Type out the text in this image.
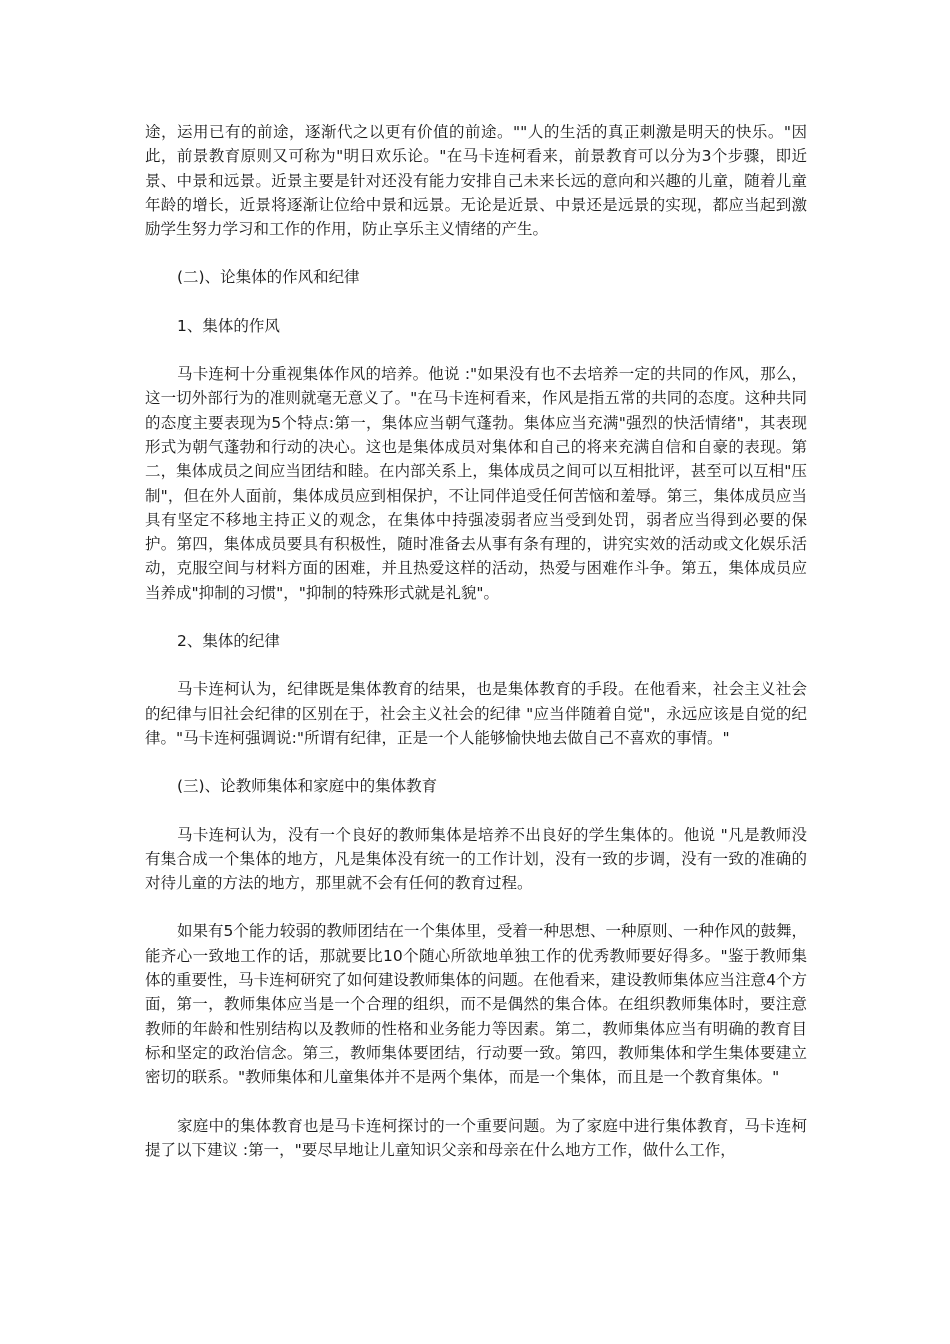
途，运用已有的前途，逐渐代之以更有价值的前途。""人的生活的真正刺激是明天的快乐。"因此，前景教育原则又可称为"明日欢乐论。"在马卡连柯看来，前景教育可以分为3个步骤，即近景、中景和远景。近景主要是针对还没有能力安排自己未来长远的意向和兴趣的儿童，随着儿童年龄的增长，近景将逐渐让位给中景和远景。无论是近景、中景还是远景的实现，都应当起到激励学生努力学习和工作的作用，防止享乐主义情绪的产生。

(二)、论集体的作风和纪律

1、集体的作风

马卡连柯十分重视集体作风的培养。他说 :"如果没有也不去培养一定的共同的作风，那么，这一切外部行为的准则就毫无意义了。"在马卡连柯看来，作风是指五常的共同的态度。这种共同的态度主要表现为5个特点:第一，集体应当朝气蓬勃。集体应当充满"强烈的快活情绪"，其表现形式为朝气蓬勃和行动的决心。这也是集体成员对集体和自己的将来充满自信和自豪的表现。第二，集体成员之间应当团结和睦。在内部关系上，集体成员之间可以互相批评，甚至可以互相"压制"，但在外人面前，集体成员应到相保护，不让同伴追受任何苦恼和羞辱。第三，集体成员应当具有坚定不移地主持正义的观念，在集体中持强凌弱者应当受到处罚，弱者应当得到必要的保护。第四，集体成员要具有积极性，随时准备去从事有条有理的，讲究实效的活动或文化娱乐活动，克服空间与材料方面的困难，并且热爱这样的活动，热爱与困难作斗争。第五，集体成员应当养成"抑制的习惯"，"抑制的特殊形式就是礼貌"。

2、集体的纪律

马卡连柯认为，纪律既是集体教育的结果，也是集体教育的手段。在他看来，社会主义社会的纪律与旧社会纪律的区别在于，社会主义社会的纪律 "应当伴随着自觉"，永远应该是自觉的纪律。"马卡连柯强调说:"所谓有纪律，正是一个人能够愉快地去做自己不喜欢的事情。"

(三)、论教师集体和家庭中的集体教育

马卡连柯认为，没有一个良好的教师集体是培养不出良好的学生集体的。他说 "凡是教师没有集合成一个集体的地方，凡是集体没有统一的工作计划，没有一致的步调，没有一致的准确的对待儿童的方法的地方，那里就不会有任何的教育过程。

如果有5个能力较弱的教师团结在一个集体里，受着一种思想、一种原则、一种作风的鼓舞，能齐心一致地工作的话，那就要比10个随心所欲地单独工作的优秀教师要好得多。"鉴于教师集体的重要性，马卡连柯研究了如何建设教师集体的问题。在他看来，建设教师集体应当注意4个方面，第一，教师集体应当是一个合理的组织，而不是偶然的集合体。在组织教师集体时，要注意教师的年龄和性别结构以及教师的性格和业务能力等因素。第二，教师集体应当有明确的教育目标和坚定的政治信念。第三，教师集体要团结，行动要一致。第四，教师集体和学生集体要建立密切的联系。"教师集体和儿童集体并不是两个集体，而是一个集体，而且是一个教育集体。"

家庭中的集体教育也是马卡连柯探讨的一个重要问题。为了家庭中进行集体教育，马卡连柯提了以下建议 :第一，"要尽早地让儿童知识父亲和母亲在什么地方工作，做什么工作，
